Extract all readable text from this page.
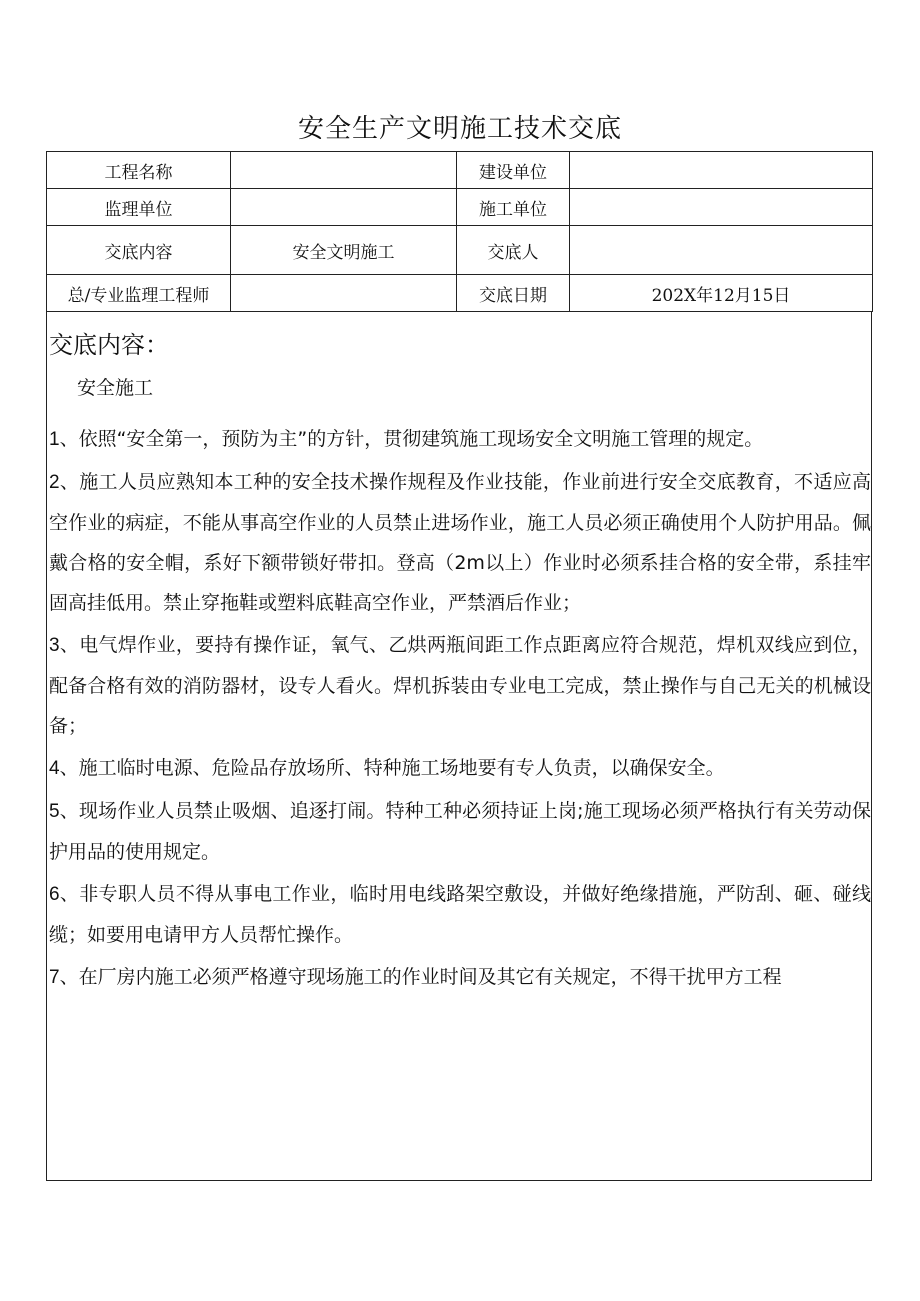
安全生产文明施工技术交底
工程名称		建设单位	
监理单位		施工单位	
交底内容	安全文明施工	交底人	
总/专业监理工程师		交底日期	202X年12月15日
交底内容：
安全施工

1、依照“安全第一，预防为主”的方针，贯彻建筑施工现场安全文明施工管理的规定。

2、施工人员应熟知本工种的安全技术操作规程及作业技能，作业前进行安全交底教育，不适应高空作业的病症，不能从事高空作业的人员禁止进场作业，施工人员必须正确使用个人防护用品。佩戴合格的安全帽，系好下额带锁好带扣。登高（2m以上）作业时必须系挂合格的安全带，系挂牢固高挂低用。禁止穿拖鞋或塑料底鞋高空作业，严禁酒后作业；

3、电气焊作业，要持有操作证，氧气、乙烘两瓶间距工作点距离应符合规范，焊机双线应到位，配备合格有效的消防器材，设专人看火。焊机拆装由专业电工完成，禁止操作与自己无关的机械设备；

4、施工临时电源、危险品存放场所、特种施工场地要有专人负责，以确保安全。

5、现场作业人员禁止吸烟、追逐打闹。特种工种必须持证上岗;施工现场必须严格执行有关劳动保护用品的使用规定。

6、非专职人员不得从事电工作业，临时用电线路架空敷设，并做好绝缘措施，严防刮、砸、碰线缆；如要用电请甲方人员帮忙操作。

7、在厂房内施工必须严格遵守现场施工的作业时间及其它有关规定，不得干扰甲方工程
